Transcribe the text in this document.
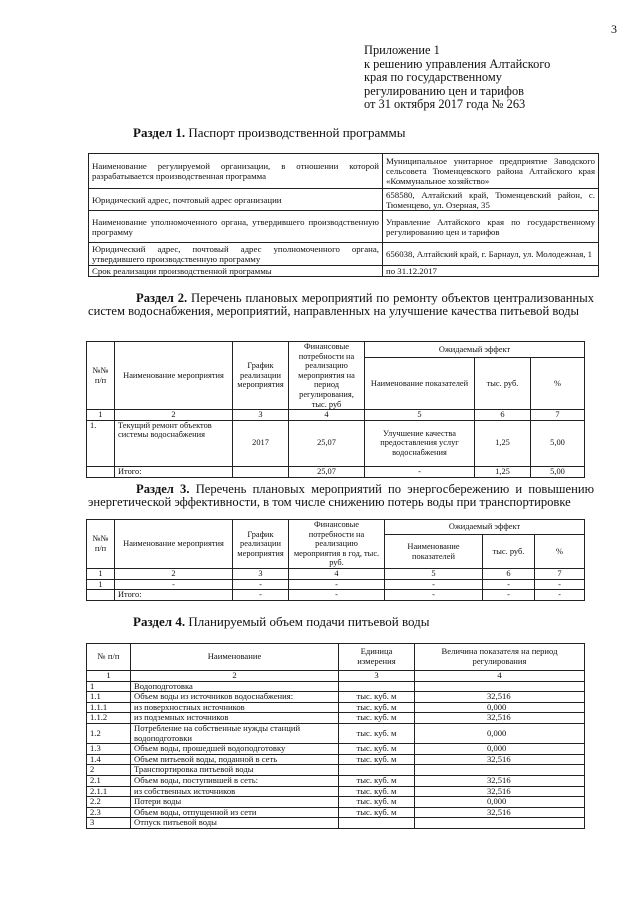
3
Приложение 1
к решению управления Алтайского
края по государственному
регулированию цен и тарифов
от 31 октября 2017 года № 263
Раздел 1. Паспорт производственной программы
Наименование регулируемой организации, в отношении которой разрабатывается производственная программа	Муниципальное унитарное предприятие Заводского сельсовета Тюменцевского района Алтайского края «Коммунальное хозяйство»
Юридический адрес, почтовый адрес организации	658580, Алтайский край, Тюменцевский район, с. Тюменцево, ул. Озерная, 35
Наименование уполномоченного органа, утвердившего производственную программу	Управление Алтайского края по государственному регулированию цен и тарифов
Юридический адрес, почтовый адрес уполномоченного органа, утвердившего производственную программу	656038, Алтайский край, г. Барнаул, ул. Молодежная, 1
Срок реализации производственной программы	по 31.12.2017
Раздел 2. Перечень плановых мероприятий по ремонту объектов централизованных систем водоснабжения, мероприятий, направленных на улучшение качества питьевой воды
№№ п/п	Наименование мероприятия	График реализации мероприятия	Финансовые потребности на реализацию мероприятия на период регулирования, тыс. руб	Ожидаемый эффект		
				Наименование показателей	тыс. руб.	%
1	2	3	4	5	6	7
1.	Текущий ремонт объектов системы водоснабжения	2017	25,07	Улучшение качества предоставления услуг водоснабжения	1,25	5,00
	Итого:		25,07	-	1,25	5,00
Раздел 3. Перечень плановых мероприятий по энергосбережению и повышению энергетической эффективности, в том числе снижению потерь воды при транспортировке
№№ п/п	Наименование мероприятия	График реализации мероприятия	Финансовые потребности на реализацию мероприятия в год, тыс. руб.	Ожидаемый эффект		
				Наименование показателей	тыс. руб.	%
1	2	3	4	5	6	7
1	-	-	-	-	-	-
	Итого:	-	-	-	-	-
Раздел 4. Планируемый объем подачи питьевой воды
№ п/п	Наименование	Единица измерения	Величина показателя на период регулирования
1	2	3	4
1	Водоподготовка		
1.1	Объем воды из источников водоснабжения:	тыс. куб. м	32,516
1.1.1	из поверхностных источников	тыс. куб. м	0,000
1.1.2	из подземных источников	тыс. куб. м	32,516
1.2	Потребление на собственные нужды станций водоподготовки	тыс. куб. м	0,000
1.3	Объем воды, прошедшей водоподготовку	тыс. куб. м	0,000
1.4	Объем питьевой воды, поданной в сеть	тыс. куб. м	32,516
2	Транспортировка питьевой воды		
2.1	Объем воды, поступившей в сеть:	тыс. куб. м	32,516
2.1.1	из собственных источников	тыс. куб. м	32,516
2.2	Потери воды	тыс. куб. м	0,000
2.3	Объем воды, отпущенной из сети	тыс. куб. м	32,516
3	Отпуск питьевой воды		
